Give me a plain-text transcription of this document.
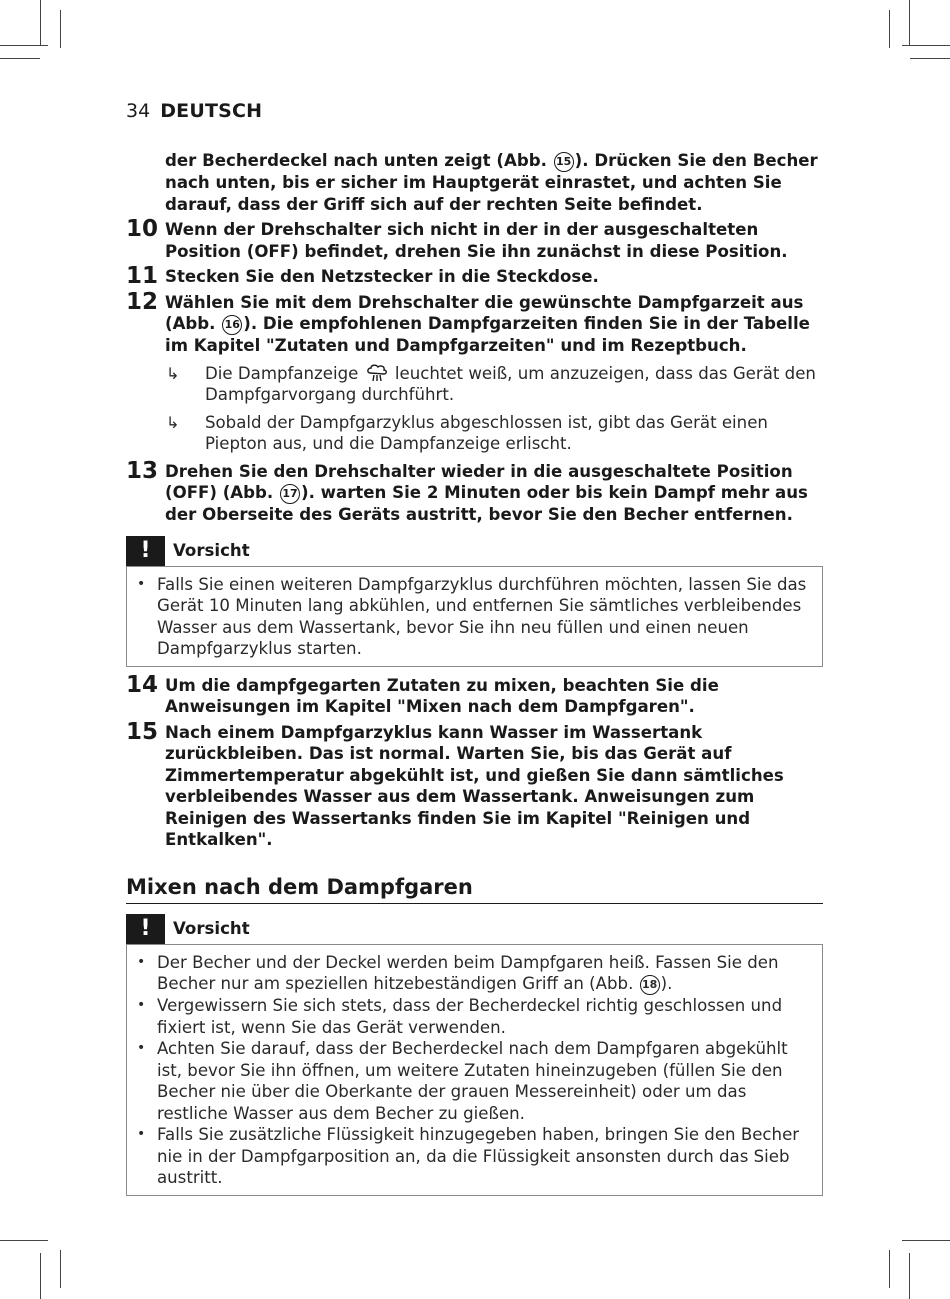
34 DEUTSCH
der Becherdeckel nach unten zeigt (Abb. 15 ). Drücken Sie den Becher nach unten, bis er sicher im Hauptgerät einrastet, und achten Sie darauf, dass der Griff sich auf der rechten Seite befindet.
10 Wenn der Drehschalter sich nicht in der in der ausgeschalteten Position (OFF) befindet, drehen Sie ihn zunächst in diese Position.
11 Stecken Sie den Netzstecker in die Steckdose.
12 Wählen Sie mit dem Drehschalter die gewünschte Dampfgarzeit aus (Abb. 16 ). Die empfohlenen Dampfgarzeiten finden Sie in der Tabelle im Kapitel "Zutaten und Dampfgarzeiten" und im Rezeptbuch.
↳ Die Dampfanzeige  leuchtet weiß, um anzuzeigen, dass das Gerät den Dampfgarvorgang durchführt.
↳ Sobald der Dampfgarzyklus abgeschlossen ist, gibt das Gerät einen Piepton aus, und die Dampfanzeige erlischt.
13 Drehen Sie den Drehschalter wieder in die ausgeschaltete Position (OFF) (Abb. 17 ). warten Sie 2 Minuten oder bis kein Dampf mehr aus der Oberseite des Geräts austritt, bevor Sie den Becher entfernen.
!	Vorsicht
• Falls Sie einen weiteren Dampfgarzyklus durchführen möchten, lassen Sie das Gerät 10 Minuten lang abkühlen, und entfernen Sie sämtliches verbleibendes Wasser aus dem Wassertank, bevor Sie ihn neu füllen und einen neuen Dampfgarzyklus starten.
14 Um die dampfgegarten Zutaten zu mixen, beachten Sie die Anweisungen im Kapitel "Mixen nach dem Dampfgaren".
15 Nach einem Dampfgarzyklus kann Wasser im Wassertank zurückbleiben. Das ist normal. Warten Sie, bis das Gerät auf Zimmertemperatur abgekühlt ist, und gießen Sie dann sämtliches verbleibendes Wasser aus dem Wassertank. Anweisungen zum Reinigen des Wassertanks finden Sie im Kapitel "Reinigen und Entkalken".
Mixen nach dem Dampfgaren
!	Vorsicht
• Der Becher und der Deckel werden beim Dampfgaren heiß. Fassen Sie den Becher nur am speziellen hitzebeständigen Griff an (Abb. 18 ).
• Vergewissern Sie sich stets, dass der Becherdeckel richtig geschlossen und fixiert ist, wenn Sie das Gerät verwenden.
• Achten Sie darauf, dass der Becherdeckel nach dem Dampfgaren abgekühlt ist, bevor Sie ihn öffnen, um weitere Zutaten hineinzugeben (füllen Sie den Becher nie über die Oberkante der grauen Messereinheit) oder um das restliche Wasser aus dem Becher zu gießen.
• Falls Sie zusätzliche Flüssigkeit hinzugegeben haben, bringen Sie den Becher nie in der Dampfgarposition an, da die Flüssigkeit ansonsten durch das Sieb austritt.
